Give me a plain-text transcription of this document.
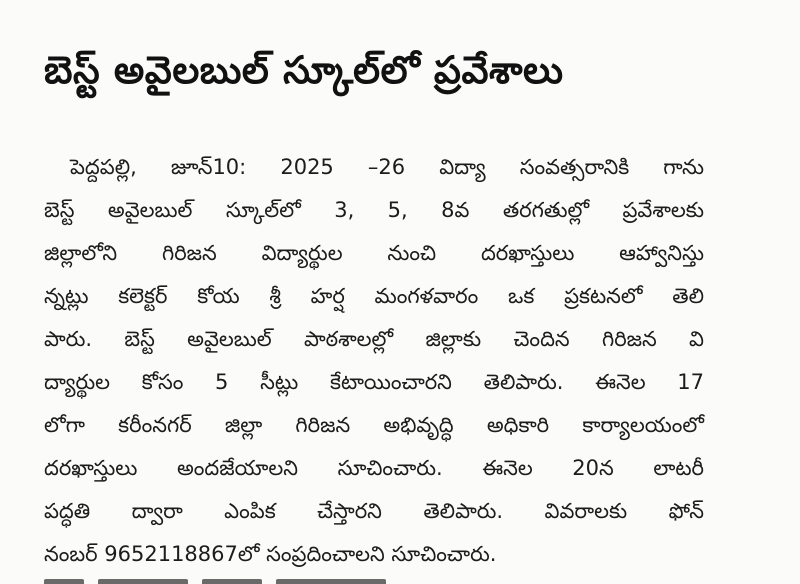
బెస్ట్ అవైలబుల్ స్కూల్‌లో ప్రవేశాలు
పెద్దపల్లి, జూన్10: 2025 –26 విద్యా సంవత్సరానికి గాను
బెస్ట్ అవైలబుల్ స్కూల్‌లో 3, 5, 8వ తరగతుల్లో ప్రవేశాలకు
జిల్లాలోని గిరిజన విద్యార్థుల నుంచి దరఖాస్తులు ఆహ్వానిస్తు
న్నట్లు కలెక్టర్ కోయ శ్రీ హర్ష మంగళవారం ఒక ప్రకటనలో తెలి
పారు. బెస్ట్ అవైలబుల్ పాఠశాలల్లో జిల్లాకు చెందిన గిరిజన వి
ద్యార్థుల కోసం 5 సీట్లు కేటాయించారని తెలిపారు. ఈనెల 17
లోగా కరీంనగర్ జిల్లా గిరిజన అభివృద్ధి అధికారి కార్యాలయంలో
దరఖాస్తులు అందజేయాలని సూచించారు. ఈనెల 20న లాటరీ
పద్ధతి ద్వారా ఎంపిక చేస్తారని తెలిపారు. వివరాలకు ఫోన్
నంబర్ 9652118867లో సంప్రదించాలని సూచించారు.
